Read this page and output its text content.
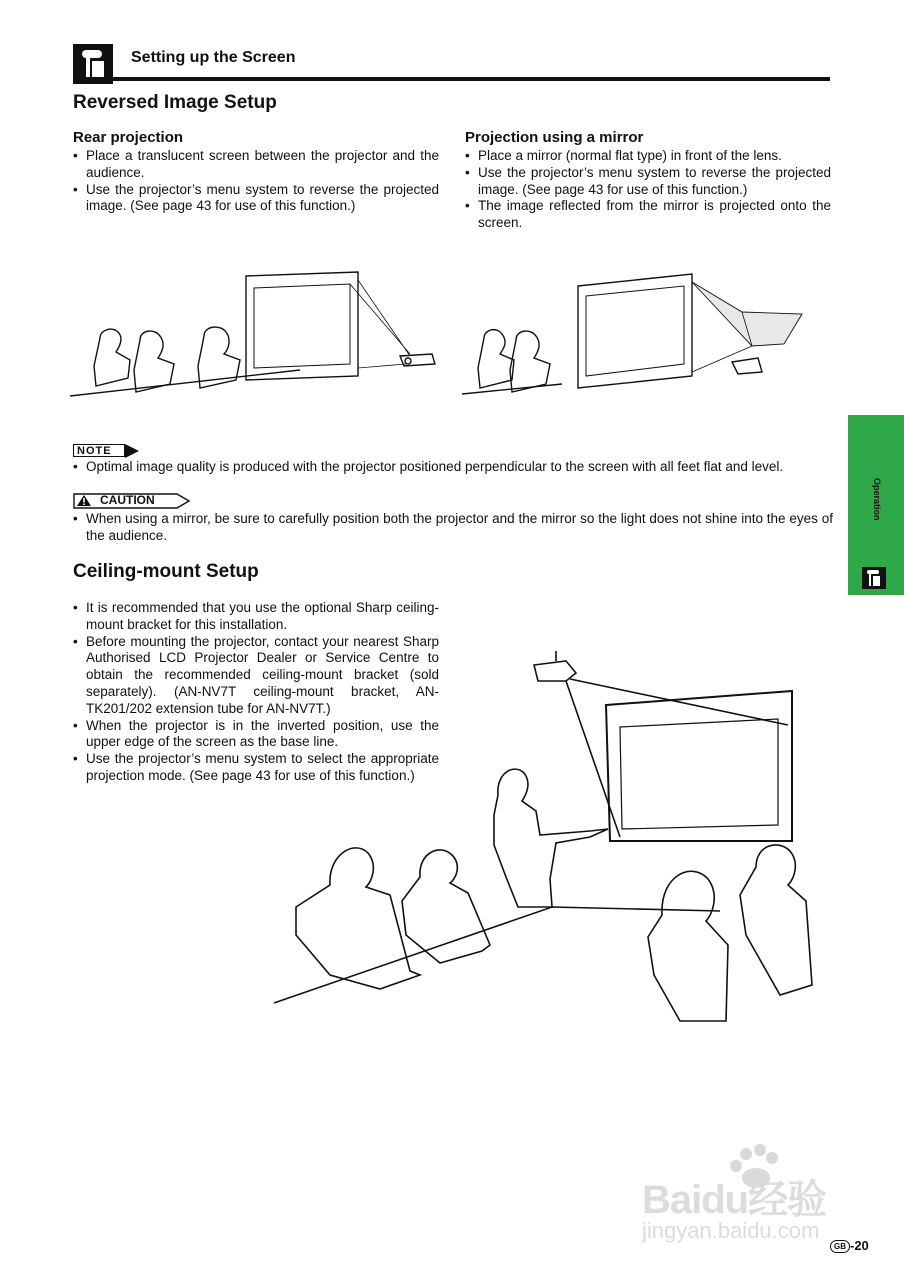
Setting up the Screen
Reversed Image Setup
Rear projection
• Place a translucent screen between the projector and the audience.
• Use the projector’s menu system to reverse the projected image. (See page 43 for use of this function.)
Projection using a mirror
• Place a mirror (normal flat type) in front of the lens.
• Use the projector’s menu system to reverse the projected image. (See page 43 for use of this function.)
• The image reflected from the mirror is projected onto the screen.
NOTE
• Optimal image quality is produced with the projector positioned perpendicular to the screen with all feet flat and level.
CAUTION
• When using a mirror, be sure to carefully position both the projector and the mirror so the light does not shine into the eyes of the audience.
Ceiling-mount Setup
• It is recommended that you use the optional Sharp ceiling-mount bracket for this installation.
• Before mounting the projector, contact your nearest Sharp Authorised LCD Projector Dealer or Service Centre to obtain the recommended ceiling-mount bracket (sold separately). (AN-NV7T ceiling-mount bracket, AN-TK201/202 extension tube for AN-NV7T.)
• When the projector is in the inverted position, use the upper edge of the screen as the base line.
• Use the projector’s menu system to select the appropriate projection mode. (See page 43 for use of this function.)
Operation
Baidu经验
jingyan.baidu.com
GB -20
